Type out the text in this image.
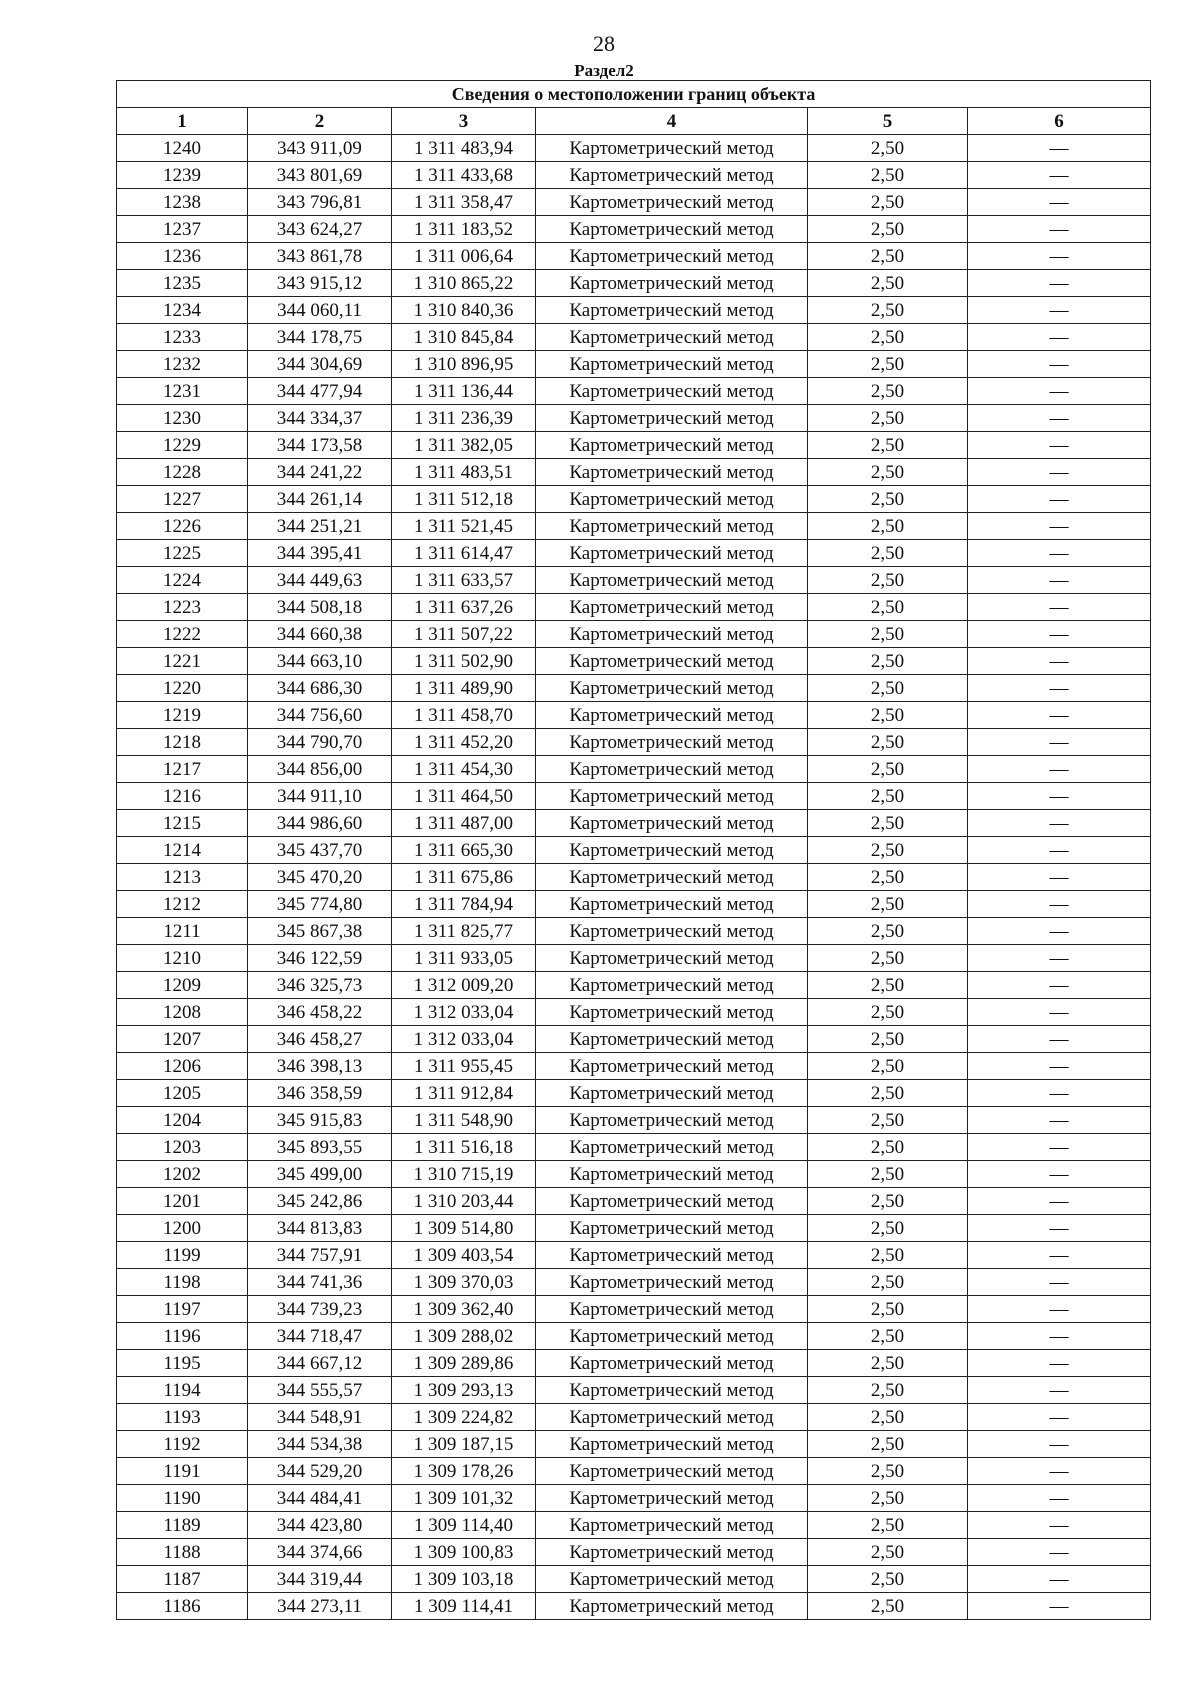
28
Раздел2
Сведения о местоположении границ объекта					
1	2	3	4	5	6
1240	343 911,09	1 311 483,94	Картометрический метод	2,50	—
1239	343 801,69	1 311 433,68	Картометрический метод	2,50	—
1238	343 796,81	1 311 358,47	Картометрический метод	2,50	—
1237	343 624,27	1 311 183,52	Картометрический метод	2,50	—
1236	343 861,78	1 311 006,64	Картометрический метод	2,50	—
1235	343 915,12	1 310 865,22	Картометрический метод	2,50	—
1234	344 060,11	1 310 840,36	Картометрический метод	2,50	—
1233	344 178,75	1 310 845,84	Картометрический метод	2,50	—
1232	344 304,69	1 310 896,95	Картометрический метод	2,50	—
1231	344 477,94	1 311 136,44	Картометрический метод	2,50	—
1230	344 334,37	1 311 236,39	Картометрический метод	2,50	—
1229	344 173,58	1 311 382,05	Картометрический метод	2,50	—
1228	344 241,22	1 311 483,51	Картометрический метод	2,50	—
1227	344 261,14	1 311 512,18	Картометрический метод	2,50	—
1226	344 251,21	1 311 521,45	Картометрический метод	2,50	—
1225	344 395,41	1 311 614,47	Картометрический метод	2,50	—
1224	344 449,63	1 311 633,57	Картометрический метод	2,50	—
1223	344 508,18	1 311 637,26	Картометрический метод	2,50	—
1222	344 660,38	1 311 507,22	Картометрический метод	2,50	—
1221	344 663,10	1 311 502,90	Картометрический метод	2,50	—
1220	344 686,30	1 311 489,90	Картометрический метод	2,50	—
1219	344 756,60	1 311 458,70	Картометрический метод	2,50	—
1218	344 790,70	1 311 452,20	Картометрический метод	2,50	—
1217	344 856,00	1 311 454,30	Картометрический метод	2,50	—
1216	344 911,10	1 311 464,50	Картометрический метод	2,50	—
1215	344 986,60	1 311 487,00	Картометрический метод	2,50	—
1214	345 437,70	1 311 665,30	Картометрический метод	2,50	—
1213	345 470,20	1 311 675,86	Картометрический метод	2,50	—
1212	345 774,80	1 311 784,94	Картометрический метод	2,50	—
1211	345 867,38	1 311 825,77	Картометрический метод	2,50	—
1210	346 122,59	1 311 933,05	Картометрический метод	2,50	—
1209	346 325,73	1 312 009,20	Картометрический метод	2,50	—
1208	346 458,22	1 312 033,04	Картометрический метод	2,50	—
1207	346 458,27	1 312 033,04	Картометрический метод	2,50	—
1206	346 398,13	1 311 955,45	Картометрический метод	2,50	—
1205	346 358,59	1 311 912,84	Картометрический метод	2,50	—
1204	345 915,83	1 311 548,90	Картометрический метод	2,50	—
1203	345 893,55	1 311 516,18	Картометрический метод	2,50	—
1202	345 499,00	1 310 715,19	Картометрический метод	2,50	—
1201	345 242,86	1 310 203,44	Картометрический метод	2,50	—
1200	344 813,83	1 309 514,80	Картометрический метод	2,50	—
1199	344 757,91	1 309 403,54	Картометрический метод	2,50	—
1198	344 741,36	1 309 370,03	Картометрический метод	2,50	—
1197	344 739,23	1 309 362,40	Картометрический метод	2,50	—
1196	344 718,47	1 309 288,02	Картометрический метод	2,50	—
1195	344 667,12	1 309 289,86	Картометрический метод	2,50	—
1194	344 555,57	1 309 293,13	Картометрический метод	2,50	—
1193	344 548,91	1 309 224,82	Картометрический метод	2,50	—
1192	344 534,38	1 309 187,15	Картометрический метод	2,50	—
1191	344 529,20	1 309 178,26	Картометрический метод	2,50	—
1190	344 484,41	1 309 101,32	Картометрический метод	2,50	—
1189	344 423,80	1 309 114,40	Картометрический метод	2,50	—
1188	344 374,66	1 309 100,83	Картометрический метод	2,50	—
1187	344 319,44	1 309 103,18	Картометрический метод	2,50	—
1186	344 273,11	1 309 114,41	Картометрический метод	2,50	—
